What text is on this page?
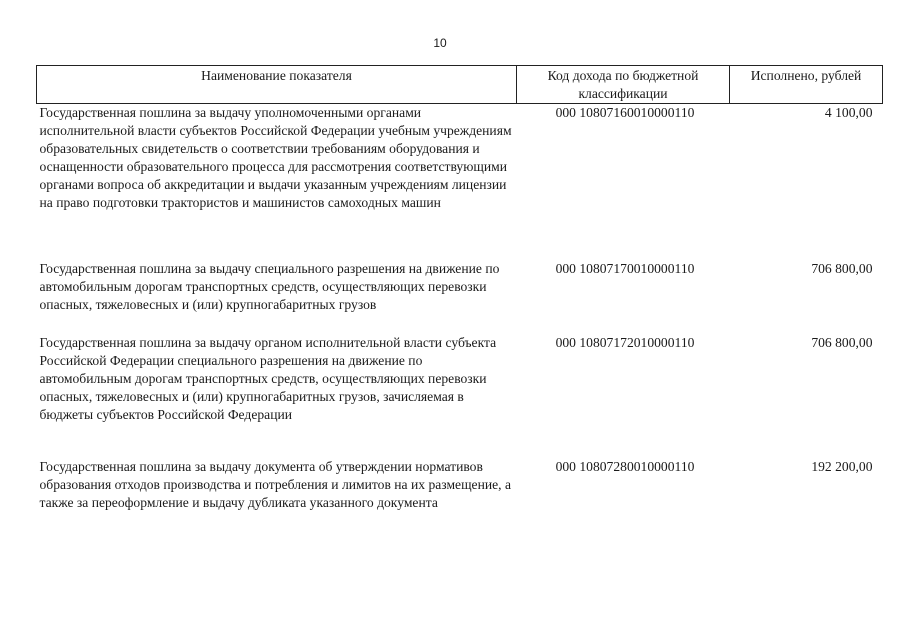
10
Наименование показателя	Код дохода по бюджетной классификации	Исполнено, рублей
Государственная пошлина за выдачу уполномоченными органами исполнительной власти субъектов Российской Федерации учебным учреждениям образовательных свидетельств о соответствии требованиям оборудования и оснащенности образовательного процесса для рассмотрения соответствующими органами вопроса об аккредитации и выдачи указанным учреждениям лицензии на право подготовки трактористов и машинистов самоходных машин	000 10807160010000110	4 100,00
Государственная пошлина за выдачу специального разрешения на движение по автомобильным дорогам транспортных средств, осуществляющих перевозки опасных, тяжеловесных и (или) крупногабаритных грузов	000 10807170010000110	706 800,00
Государственная пошлина за выдачу органом исполнительной власти субъекта Российской Федерации специального разрешения на движение по автомобильным дорогам транспортных средств, осуществляющих перевозки опасных, тяжеловесных и (или) крупногабаритных грузов, зачисляемая в бюджеты субъектов Российской Федерации	000 10807172010000110	706 800,00
Государственная пошлина за выдачу документа об утверждении нормативов образования отходов производства и потребления и лимитов на их размещение, а также за переоформление и выдачу дубликата указанного документа	000 10807280010000110	192 200,00
